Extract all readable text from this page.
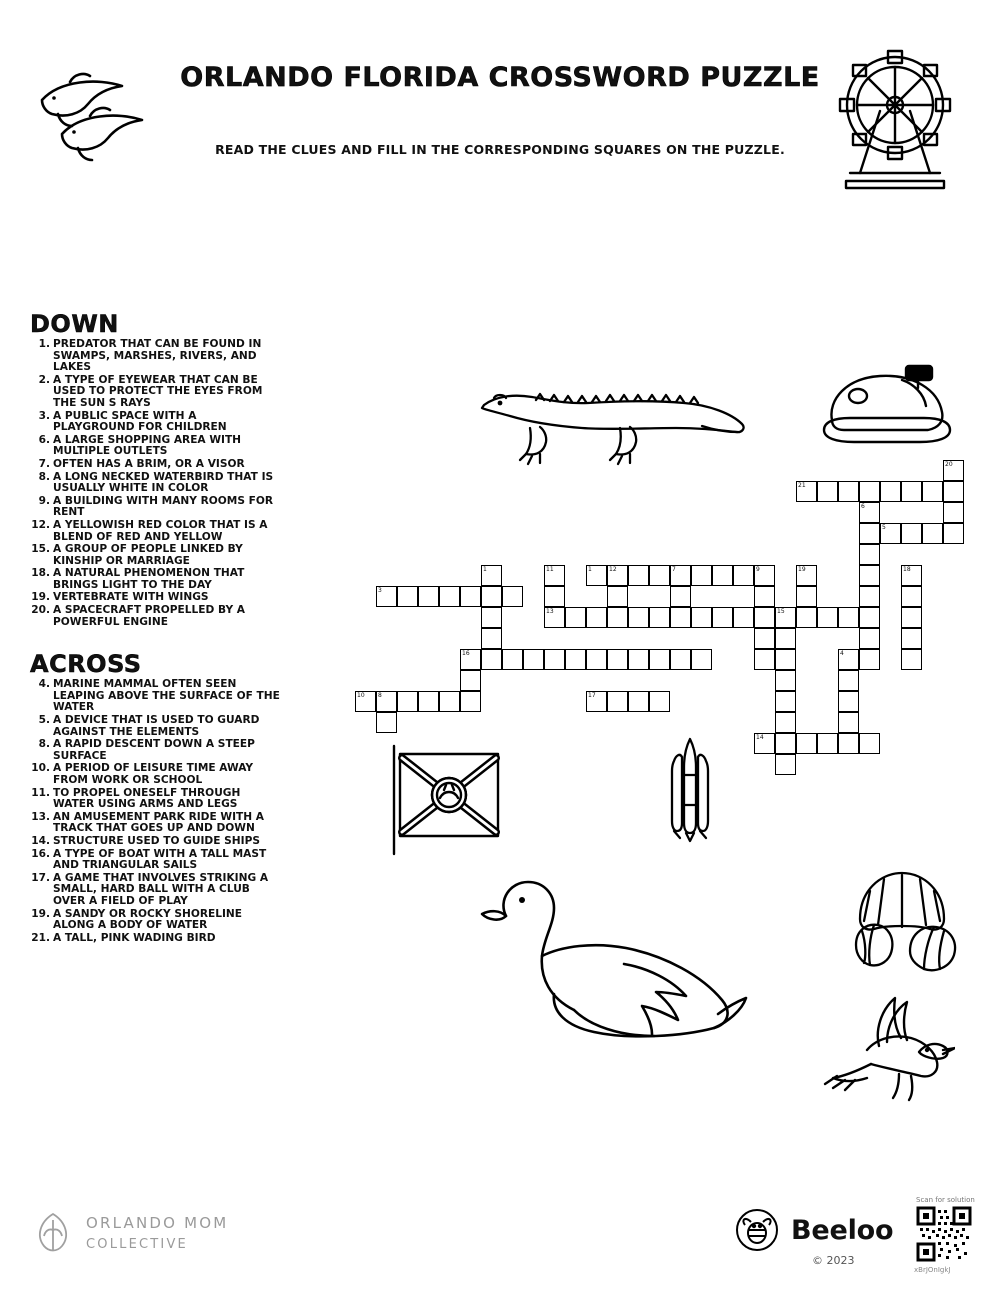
ORLANDO FLORIDA CROSSWORD PUZZLE
READ THE CLUES AND FILL IN THE CORRESPONDING SQUARES ON THE PUZZLE.
DOWN
1. PREDATOR THAT CAN BE FOUND IN SWAMPS, MARSHES, RIVERS, AND LAKES
2. A TYPE OF EYEWEAR THAT CAN BE USED TO PROTECT THE EYES FROM THE SUN S RAYS
3. A PUBLIC SPACE WITH A PLAYGROUND FOR CHILDREN
6. A LARGE SHOPPING AREA WITH MULTIPLE OUTLETS
7. OFTEN HAS A BRIM, OR A VISOR
8. A LONG NECKED WATERBIRD THAT IS USUALLY WHITE IN COLOR
9. A BUILDING WITH MANY ROOMS FOR RENT
12. A YELLOWISH RED COLOR THAT IS A BLEND OF RED AND YELLOW
15. A GROUP OF PEOPLE LINKED BY KINSHIP OR MARRIAGE
18. A NATURAL PHENOMENON THAT BRINGS LIGHT TO THE DAY
19. VERTEBRATE WITH WINGS
20. A SPACECRAFT PROPELLED BY A POWERFUL ENGINE
ACROSS
4. MARINE MAMMAL OFTEN SEEN LEAPING ABOVE THE SURFACE OF THE WATER
5. A DEVICE THAT IS USED TO GUARD AGAINST THE ELEMENTS
8. A RAPID DESCENT DOWN A STEEP SURFACE
10. A PERIOD OF LEISURE TIME AWAY FROM WORK OR SCHOOL
11. TO PROPEL ONESELF THROUGH WATER USING ARMS AND LEGS
13. AN AMUSEMENT PARK RIDE WITH A TRACK THAT GOES UP AND DOWN
14. STRUCTURE USED TO GUIDE SHIPS
16. A TYPE OF BOAT WITH A TALL MAST AND TRIANGULAR SAILS
17. A GAME THAT INVOLVES STRIKING A SMALL, HARD BALL WITH A CLUB OVER A FIELD OF PLAY
19. A SANDY OR ROCKY SHORELINE ALONG A BODY OF WATER
21. A TALL, PINK WADING BIRD
21
5
3
1	12	7	9
13	15
16
10 8	17
14
20
6
1	11	19	18
4
ORLANDO MOM
COLLECTIVE	Beeloo
© 2023
Scan for solution
xBrJOnIgkJ
